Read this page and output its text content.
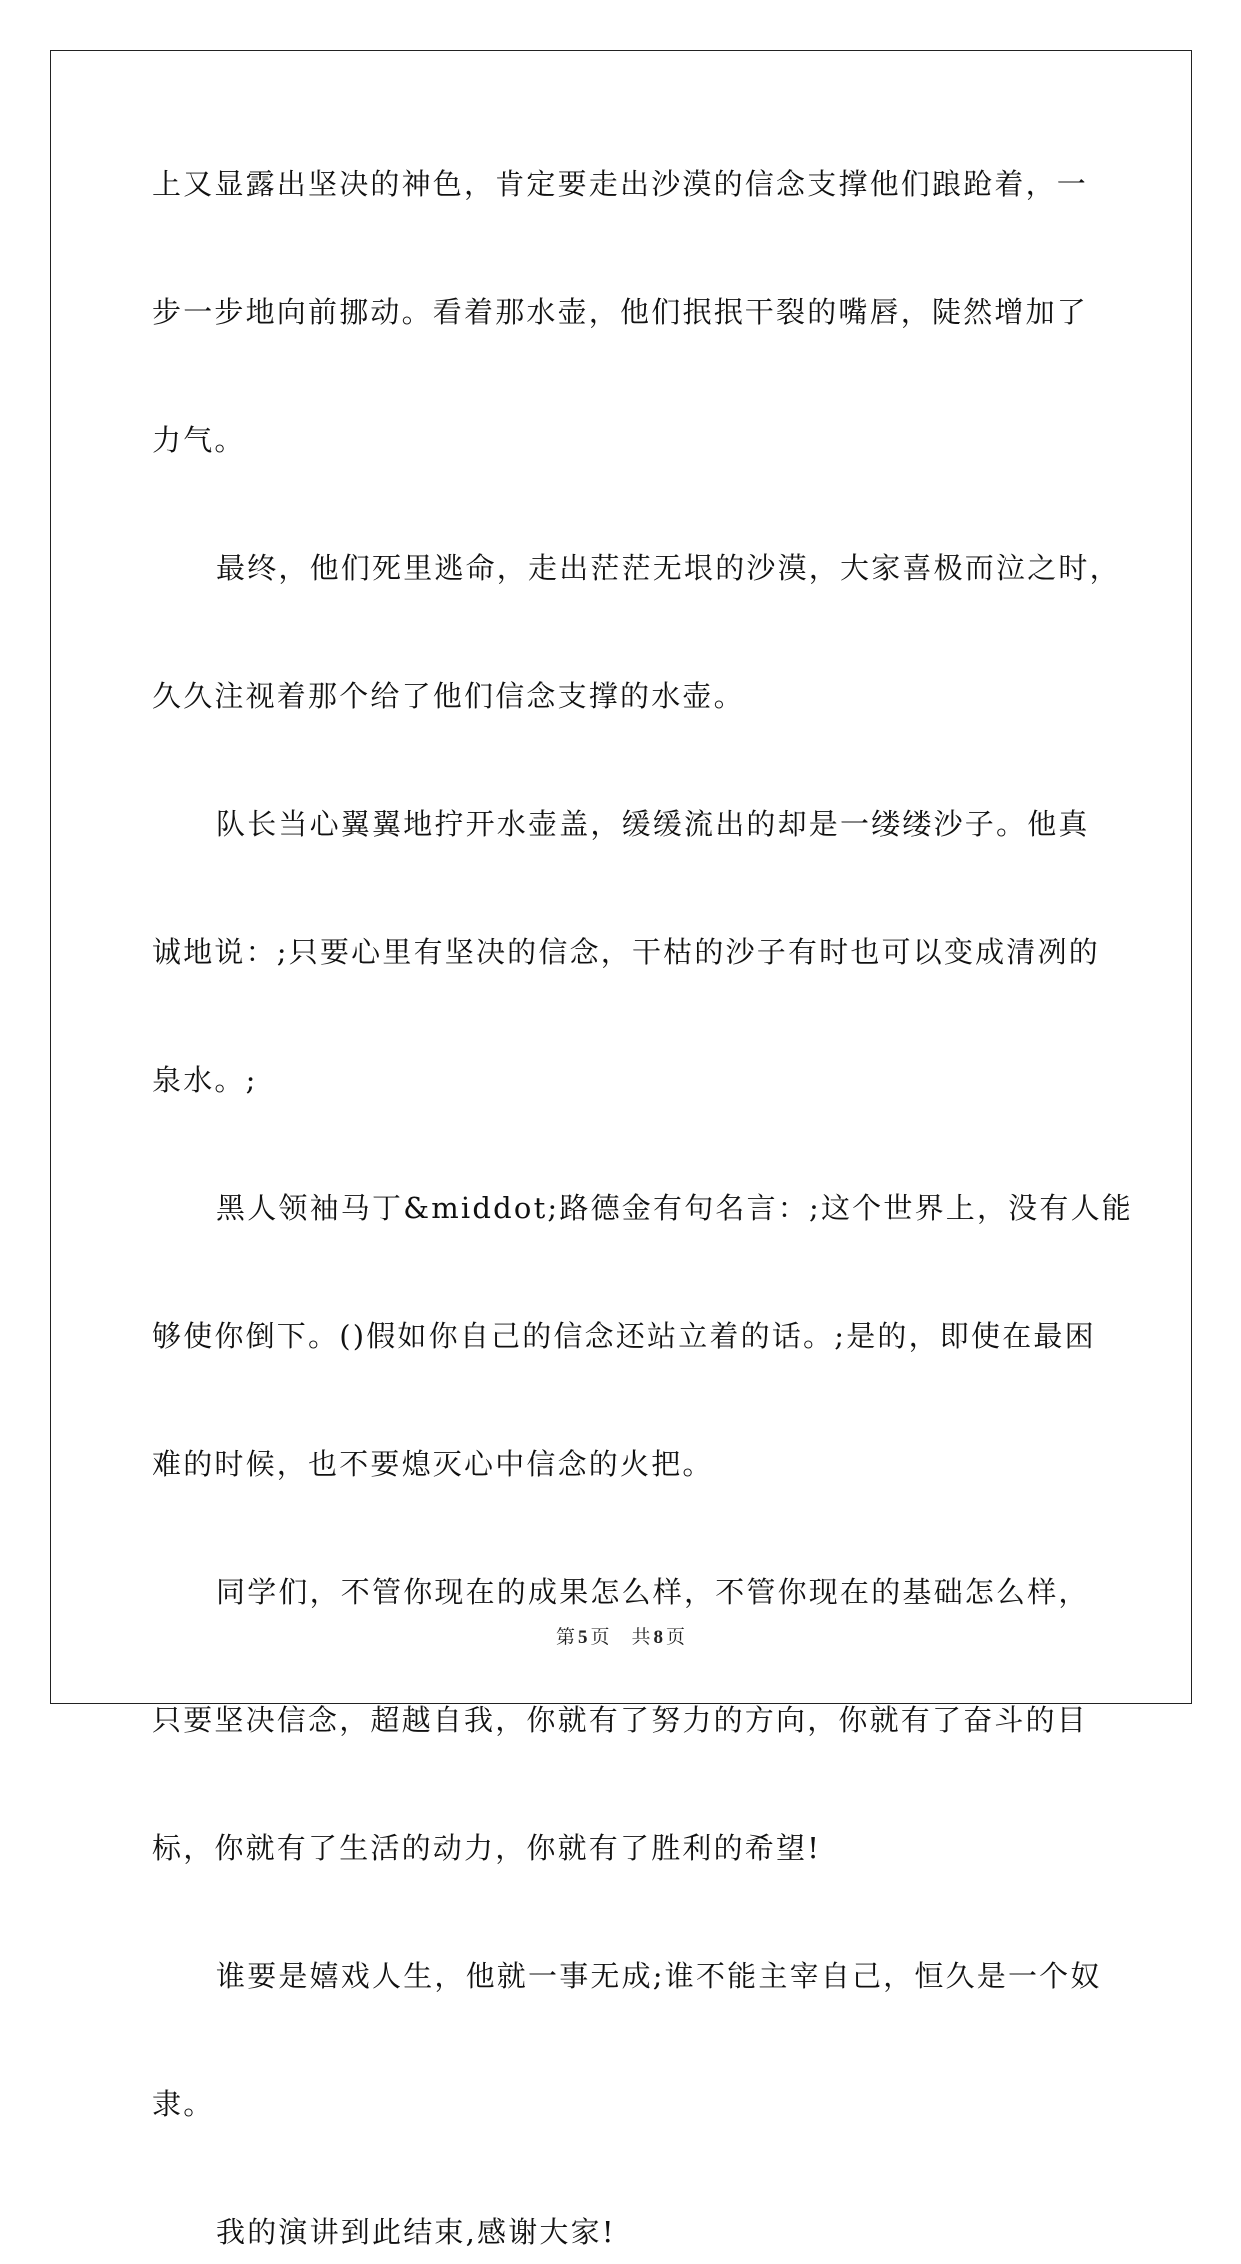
上又显露出坚决的神色，肯定要走出沙漠的信念支撑他们踉跄着，一
步一步地向前挪动。看着那水壶，他们抿抿干裂的嘴唇，陡然增加了
力气。
最终，他们死里逃命，走出茫茫无垠的沙漠，大家喜极而泣之时，
久久注视着那个给了他们信念支撑的水壶。
队长当心翼翼地拧开水壶盖，缓缓流出的却是一缕缕沙子。他真
诚地说：;只要心里有坚决的信念，干枯的沙子有时也可以变成清冽的
泉水。;
黑人领袖马丁&middot;路德金有句名言：;这个世界上，没有人能
够使你倒下。()假如你自己的信念还站立着的话。;是的，即使在最困
难的时候，也不要熄灭心中信念的火把。
同学们，不管你现在的成果怎么样，不管你现在的基础怎么样，
只要坚决信念，超越自我，你就有了努力的方向，你就有了奋斗的目
标，你就有了生活的动力，你就有了胜利的希望!
谁要是嬉戏人生，他就一事无成;谁不能主宰自己，恒久是一个奴
隶。
我的演讲到此结束,感谢大家!
第 5 页 共 8 页
